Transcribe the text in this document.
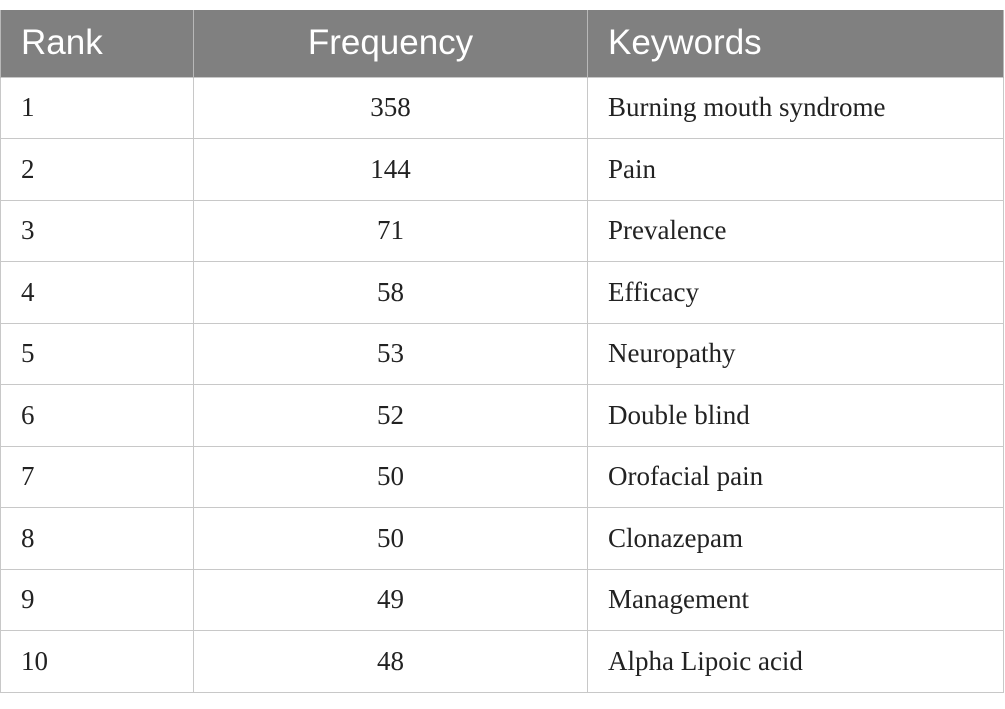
Rank	Frequency	Keywords
1	358	Burning mouth syndrome
2	144	Pain
3	71	Prevalence
4	58	Efficacy
5	53	Neuropathy
6	52	Double blind
7	50	Orofacial pain
8	50	Clonazepam
9	49	Management
10	48	Alpha Lipoic acid
